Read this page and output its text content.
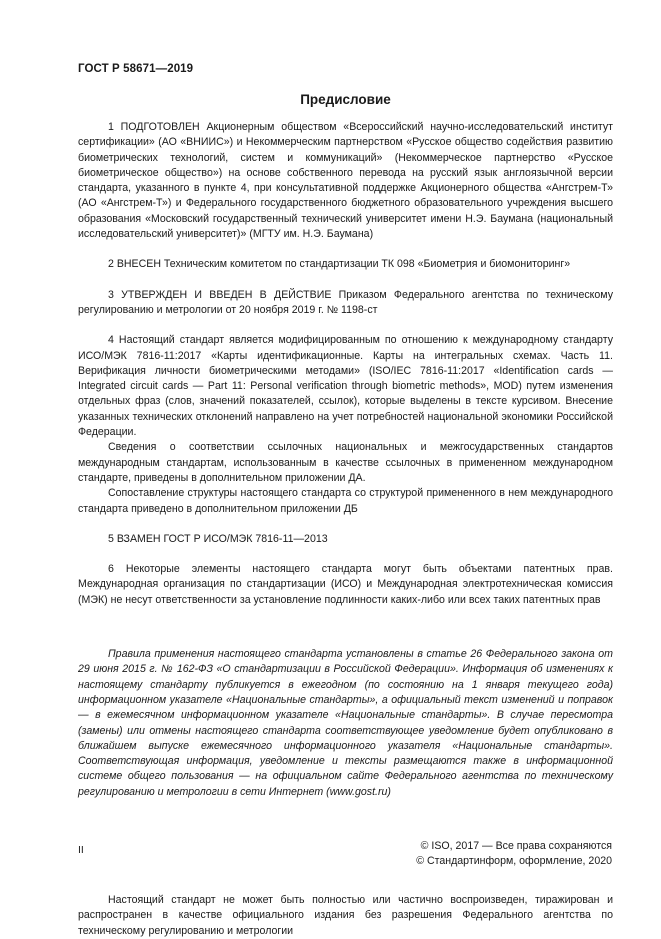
ГОСТ Р 58671—2019
Предисловие

1 ПОДГОТОВЛЕН Акционерным обществом «Всероссийский научно-исследовательский институт сертификации» (АО «ВНИИС») и Некоммерческим партнерством «Русское общество содействия развитию биометрических технологий, систем и коммуникаций» (Некоммерческое партнерство «Русское биометрическое общество») на основе собственного перевода на русский язык англоязычной версии стандарта, указанного в пункте 4, при консультативной поддержке Акционерного общества «Ангстрем-Т» (АО «Ангстрем-Т») и Федерального государственного бюджетного образовательного учреждения высшего образования «Московский государственный технический университет имени Н.Э. Баумана (национальный исследовательский университет)» (МГТУ им. Н.Э. Баумана)

2 ВНЕСЕН Техническим комитетом по стандартизации ТК 098 «Биометрия и биомониторинг»

3 УТВЕРЖДЕН И ВВЕДЕН В ДЕЙСТВИЕ Приказом Федерального агентства по техническому регулированию и метрологии от 20 ноября 2019 г. № 1198-ст

4 Настоящий стандарт является модифицированным по отношению к международному стандарту ИСО/МЭК 7816-11:2017 «Карты идентификационные. Карты на интегральных схемах. Часть 11. Верификация личности биометрическими методами» (ISO/IEC 7816-11:2017 «Identification cards — Integrated circuit cards — Part 11: Personal verification through biometric methods», MOD) путем изменения отдельных фраз (слов, значений показателей, ссылок), которые выделены в тексте курсивом. Внесение указанных технических отклонений направлено на учет потребностей национальной экономики Российской Федерации.

Сведения о соответствии ссылочных национальных и межгосударственных стандартов международным стандартам, использованным в качестве ссылочных в примененном международном стандарте, приведены в дополнительном приложении ДА.

Сопоставление структуры настоящего стандарта со структурой примененного в нем международного стандарта приведено в дополнительном приложении ДБ

5 ВЗАМЕН ГОСТ Р ИСО/МЭК 7816-11—2013

6 Некоторые элементы настоящего стандарта могут быть объектами патентных прав. Международная организация по стандартизации (ИСО) и Международная электротехническая комиссия (МЭК) не несут ответственности за установление подлинности каких-либо или всех таких патентных прав

Правила применения настоящего стандарта установлены в статье 26 Федерального закона от 29 июня 2015 г. № 162-ФЗ «О стандартизации в Российской Федерации». Информация об изменениях к настоящему стандарту публикуется в ежегодном (по состоянию на 1 января текущего года) информационном указателе «Национальные стандарты», а официальный текст изменений и поправок — в ежемесячном информационном указателе «Национальные стандарты». В случае пересмотра (замены) или отмены настоящего стандарта соответствующее уведомление будет опубликовано в ближайшем выпуске ежемесячного информационного указателя «Национальные стандарты». Соответствующая информация, уведомление и тексты размещаются также в информационной системе общего пользования — на официальном сайте Федерального агентства по техническому регулированию и метрологии в сети Интернет (www.gost.ru)

© ISO, 2017 — Все права сохраняются

© Стандартинформ, оформление, 2020

Настоящий стандарт не может быть полностью или частично воспроизведен, тиражирован и распространен в качестве официального издания без разрешения Федерального агентства по техническому регулированию и метрологии

II
